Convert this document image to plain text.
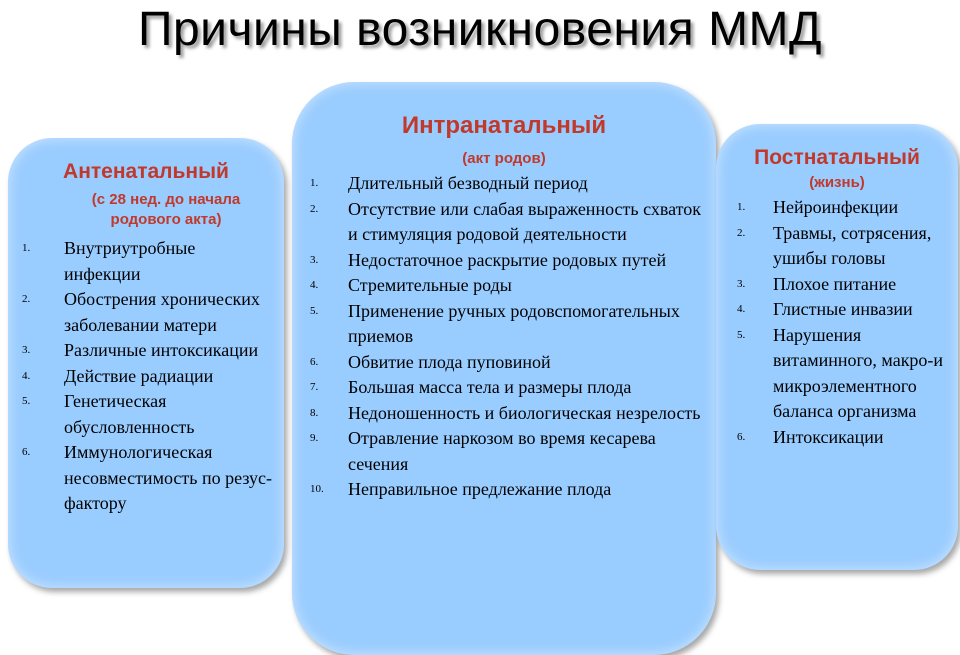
Причины возникновения ММД
Антенатальный
(с 28 нед. до начала родового акта)
1. Внутриутробные инфекции
2. Обострения хронических заболевании матери
3. Различные интоксикации
4. Действие радиации
5. Генетическая обусловленность
6. Иммунологическая несовместимость по резус-фактору
Интранатальный
(акт родов)
1. Длительный безводный период
2. Отсутствие или слабая выраженность схваток и стимуляция родовой деятельности
3. Недостаточное раскрытие родовых путей
4. Стремительные роды
5. Применение ручных родовспомогательных приемов
6. Обвитие плода пуповиной
7. Большая масса тела и размеры плода
8. Недоношенность и биологическая незрелость
9. Отравление наркозом во время кесарева сечения
10. Неправильное предлежание плода
Постнатальный
(жизнь)
1. Нейроинфекции
2. Травмы, сотрясения, ушибы головы
3. Плохое питание
4. Глистные инвазии
5. Нарушения витаминного, макро-и микроэлементного баланса организма
6. Интоксикации
